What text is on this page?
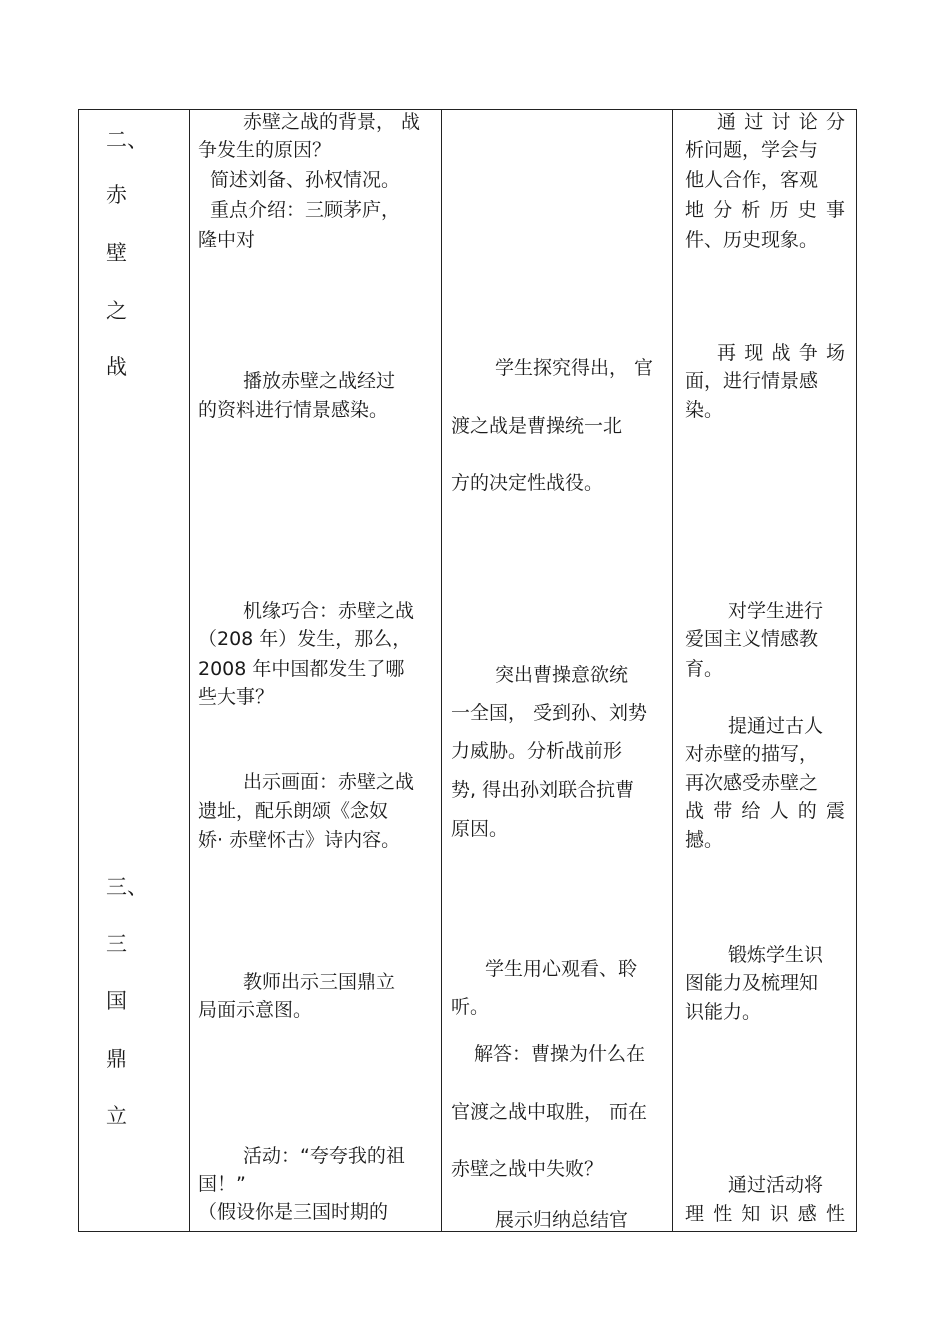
二、
赤
壁
之
战
三、
三
国
鼎
立
赤壁之战的背景， 战
争发生的原因？
简述刘备、孙权情况。
重点介绍：三顾茅庐，
隆中对
播放赤壁之战经过
的资料进行情景感染。
机缘巧合：赤壁之战
（208 年）发生，那么，
2008 年中国都发生了哪
些大事？
出示画面：赤壁之战
遗址，配乐朗颂《念奴
娇· 赤壁怀古》诗内容。
教师出示三国鼎立
局面示意图。
活动：“夸夸我的祖
国！”
（假设你是三国时期的
学生探究得出， 官
渡之战是曹操统一北
方的决定性战役。
突出曹操意欲统
一全国， 受到孙、刘势
力威胁。分析战前形
势, 得出孙刘联合抗曹
原因。
学生用心观看、聆
听。
解答：曹操为什么在
官渡之战中取胜， 而在
赤壁之战中失败？
展示归纳总结官
通 过 讨 论 分
析问题，学会与
他人合作，客观
地 分 析 历 史 事
件、历史现象。
再 现 战 争 场
面，进行情景感
染。
对学生进行
爱国主义情感教
育。
提通过古人
对赤壁的描写，
再次感受赤壁之
战 带 给 人 的 震
撼。
锻炼学生识
图能力及梳理知
识能力。
通过活动将
理 性 知 识 感 性
